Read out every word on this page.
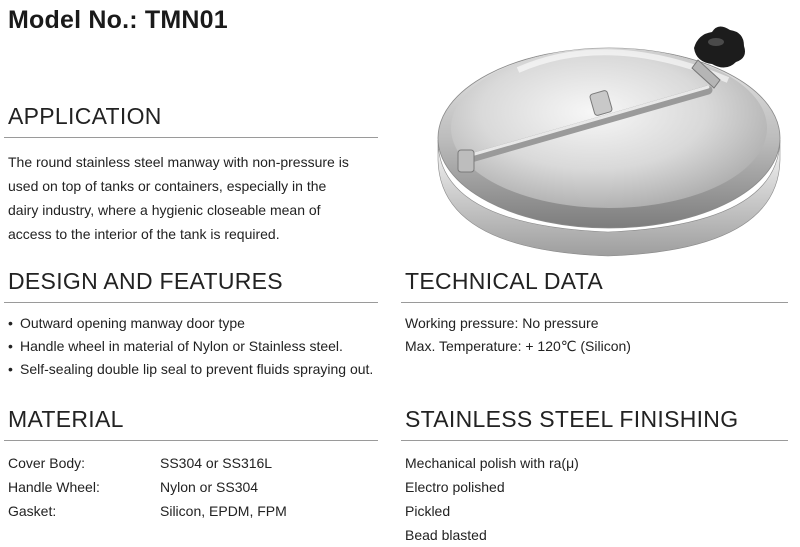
Model No.: TMN01
APPLICATION
The round stainless steel manway with non-pressure is
used on top of tanks or containers, especially in the
dairy industry, where a hygienic closeable mean of
access to the interior of the tank is required.
DESIGN AND FEATURES
• Outward opening manway door type
• Handle wheel in material of Nylon or Stainless steel.
• Self-sealing double lip seal to prevent fluids spraying out.
TECHNICAL DATA
Working pressure: No pressure
Max. Temperature: + 120℃ (Silicon)
MATERIAL
Cover Body:	SS304 or SS316L
Handle Wheel:	Nylon or SS304
Gasket:	Silicon, EPDM, FPM
STAINLESS STEEL FINISHING
Mechanical polish with ra(μ)
Electro polished
Pickled
Bead blasted
